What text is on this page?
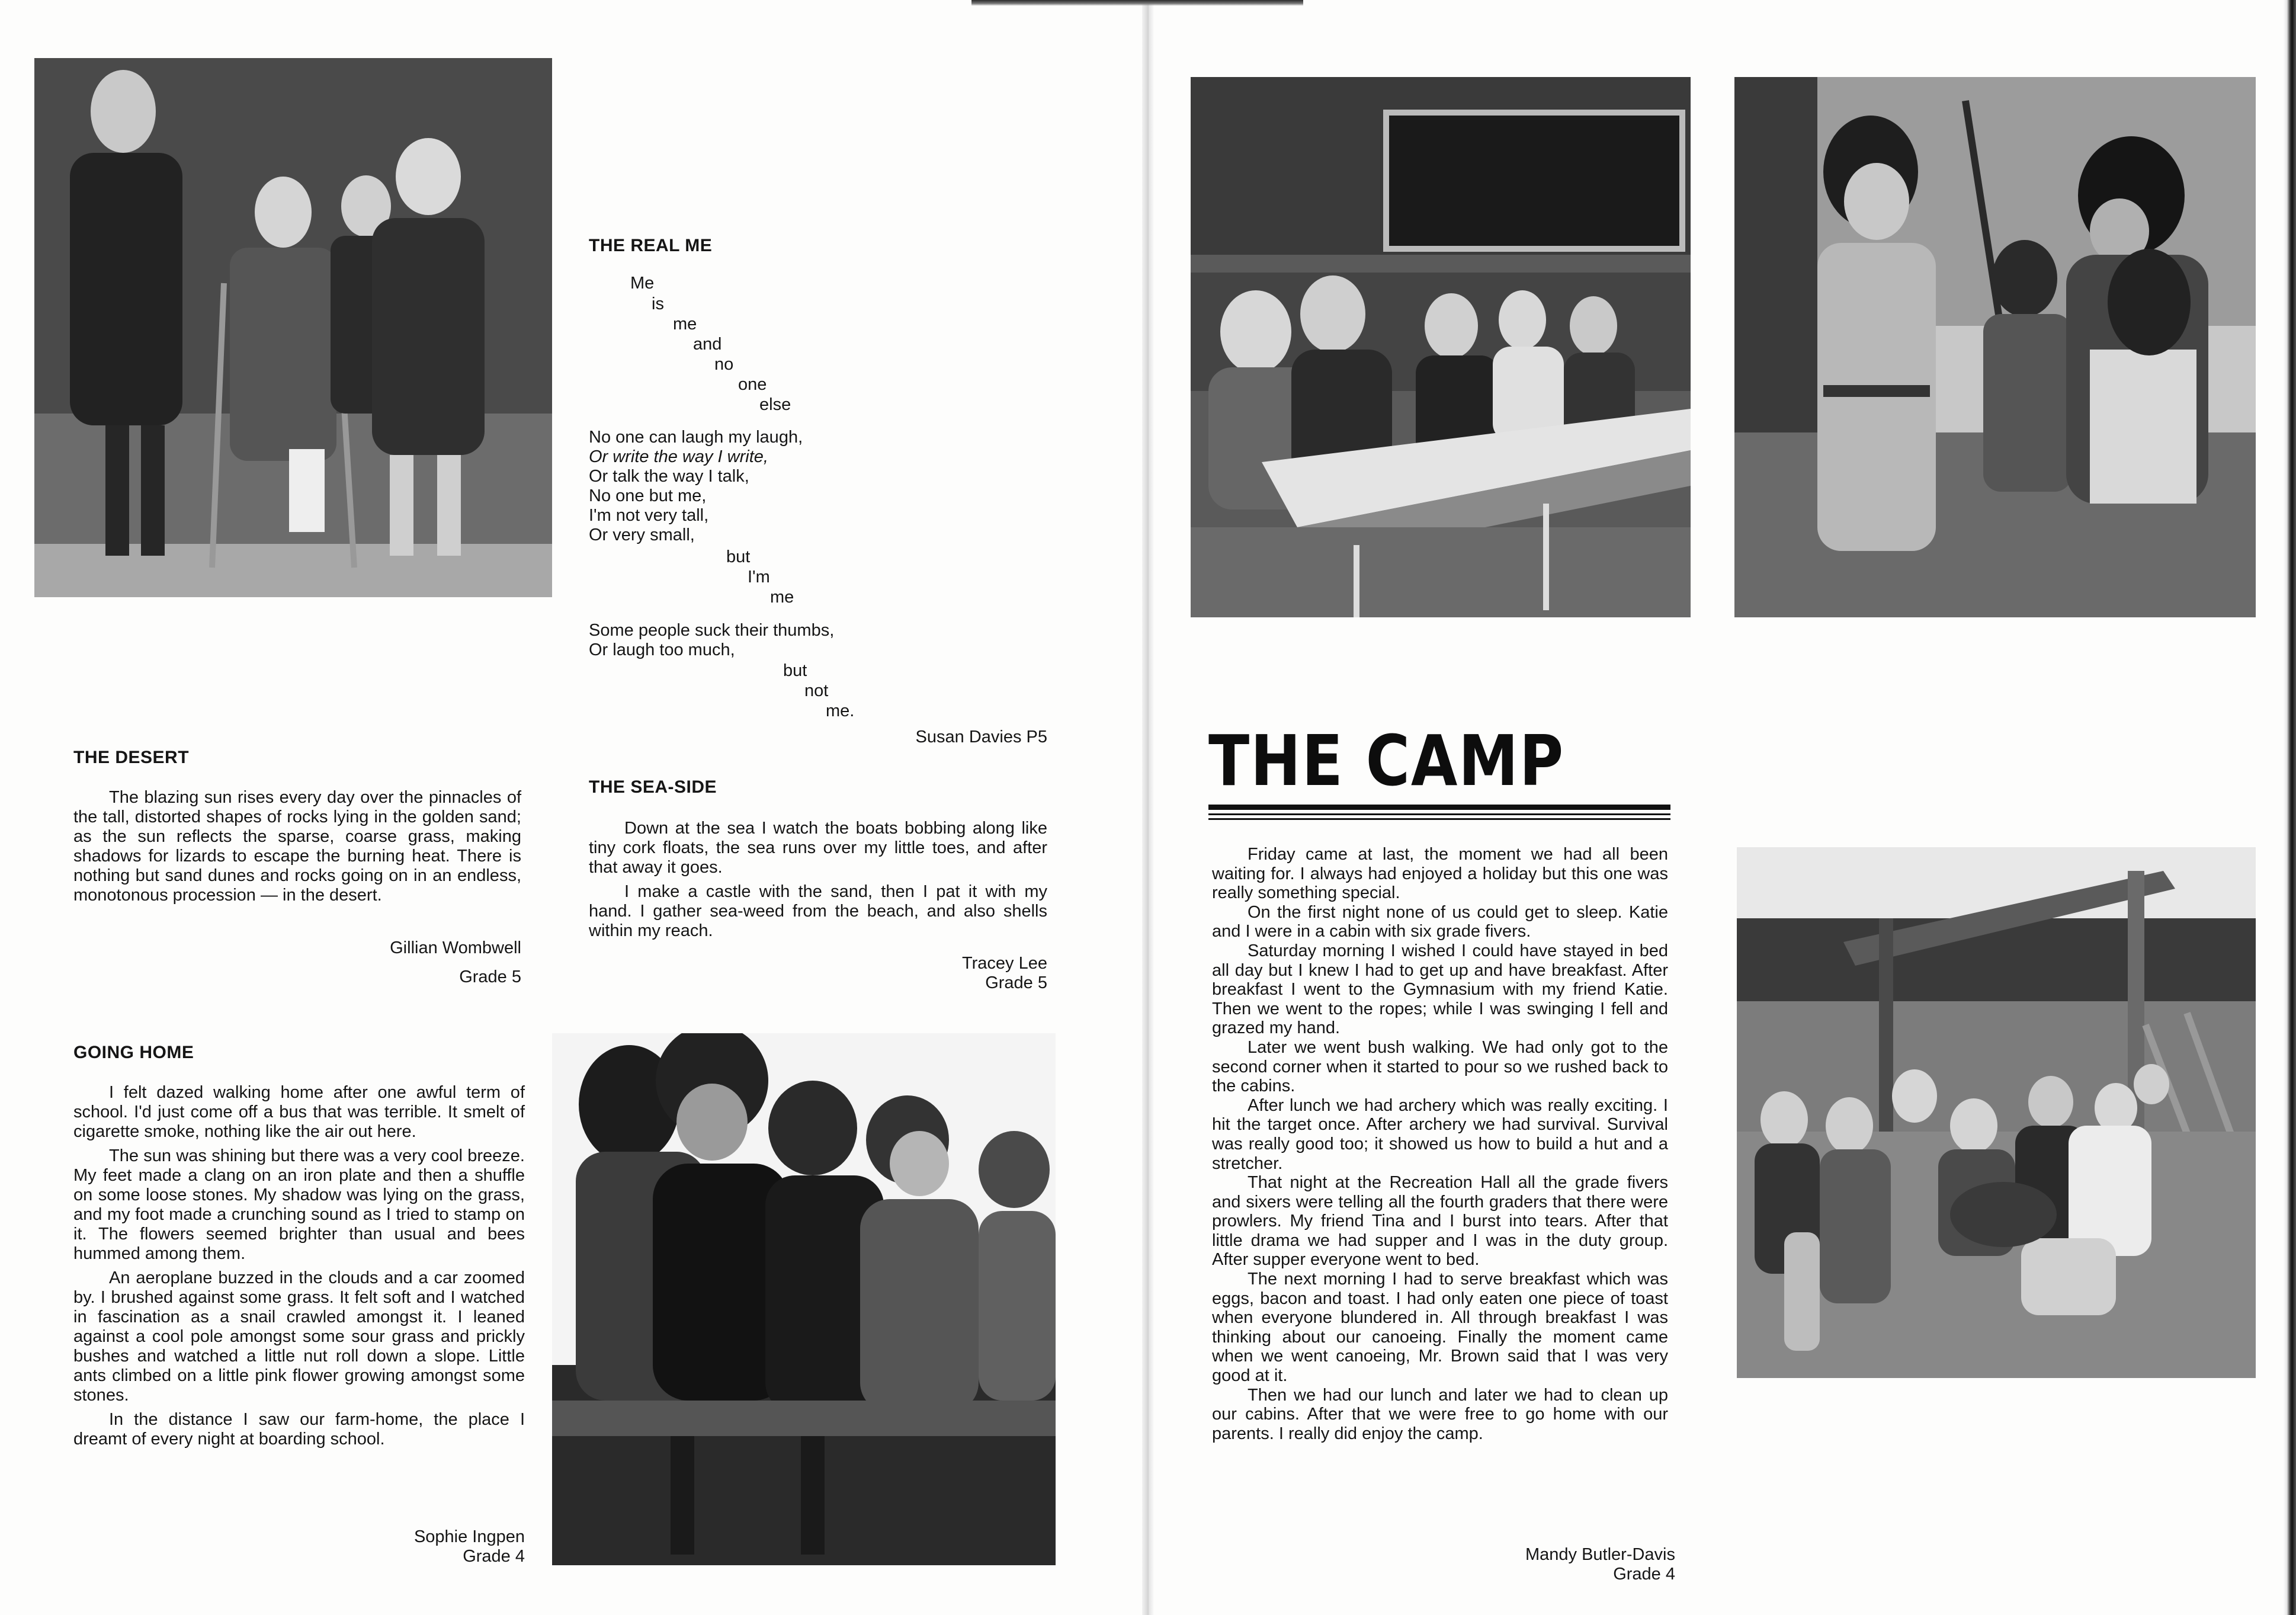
THE REAL ME
Me
is
me
and
no
one
else
No one can laugh my laugh,
Or write the way I write,
Or talk the way I talk,
No one but me,
I'm not very tall,
Or very small,
but
I'm
me
Some people suck their thumbs,
Or laugh too much,
but
not
me.
Susan Davies P5
THE DESERT

The blazing sun rises every day over the pinnacles of the tall, distorted shapes of rocks lying in the golden sand; as the sun reflects the sparse, coarse grass, making shadows for lizards to escape the burning heat. There is nothing but sand dunes and rocks going on in an endless, monotonous procession — in the desert.

Gillian Wombwell
Grade 5
THE SEA-SIDE

Down at the sea I watch the boats bobbing along like tiny cork floats, the sea runs over my little toes, and after that away it goes.

I make a castle with the sand, then I pat it with my hand. I gather sea-weed from the beach, and also shells within my reach.

Tracey Lee
Grade 5
GOING HOME

I felt dazed walking home after one awful term of school. I'd just come off a bus that was terrible. It smelt of cigarette smoke, nothing like the air out here.

The sun was shining but there was a very cool breeze. My feet made a clang on an iron plate and then a shuffle on some loose stones. My shadow was lying on the grass, and my foot made a crunching sound as I tried to stamp on it. The flowers seemed brighter than usual and bees hummed among them.

An aeroplane buzzed in the clouds and a car zoomed by. I brushed against some grass. It felt soft and I watched in fascination as a snail crawled amongst it. I leaned against a cool pole amongst some sour grass and prickly bushes and watched a little nut roll down a slope. Little ants climbed on a little pink flower growing amongst some stones.

In the distance I saw our farm-home, the place I dreamt of every night at boarding school.

Sophie Ingpen
Grade 4
THE CAMP

Friday came at last, the moment we had all been waiting for. I always had enjoyed a holiday but this one was really something special.

On the first night none of us could get to sleep. Katie and I were in a cabin with six grade fivers.

Saturday morning I wished I could have stayed in bed all day but I knew I had to get up and have breakfast. After breakfast I went to the Gymnasium with my friend Katie. Then we went to the ropes; while I was swinging I fell and grazed my hand.

Later we went bush walking. We had only got to the second corner when it started to pour so we rushed back to the cabins.

After lunch we had archery which was really exciting. I hit the target once. After archery we had survival. Survival was really good too; it showed us how to build a hut and a stretcher.

That night at the Recreation Hall all the grade fivers and sixers were telling all the fourth graders that there were prowlers. My friend Tina and I burst into tears. After that little drama we had supper and I was in the duty group. After supper everyone went to bed.

The next morning I had to serve breakfast which was eggs, bacon and toast. I had only eaten one piece of toast when everyone blundered in. All through breakfast I was thinking about our canoeing. Finally the moment came when we went canoeing, Mr. Brown said that I was very good at it.

Then we had our lunch and later we had to clean up our cabins. After that we were free to go home with our parents. I really did enjoy the camp.

Mandy Butler-Davis
Grade 4
